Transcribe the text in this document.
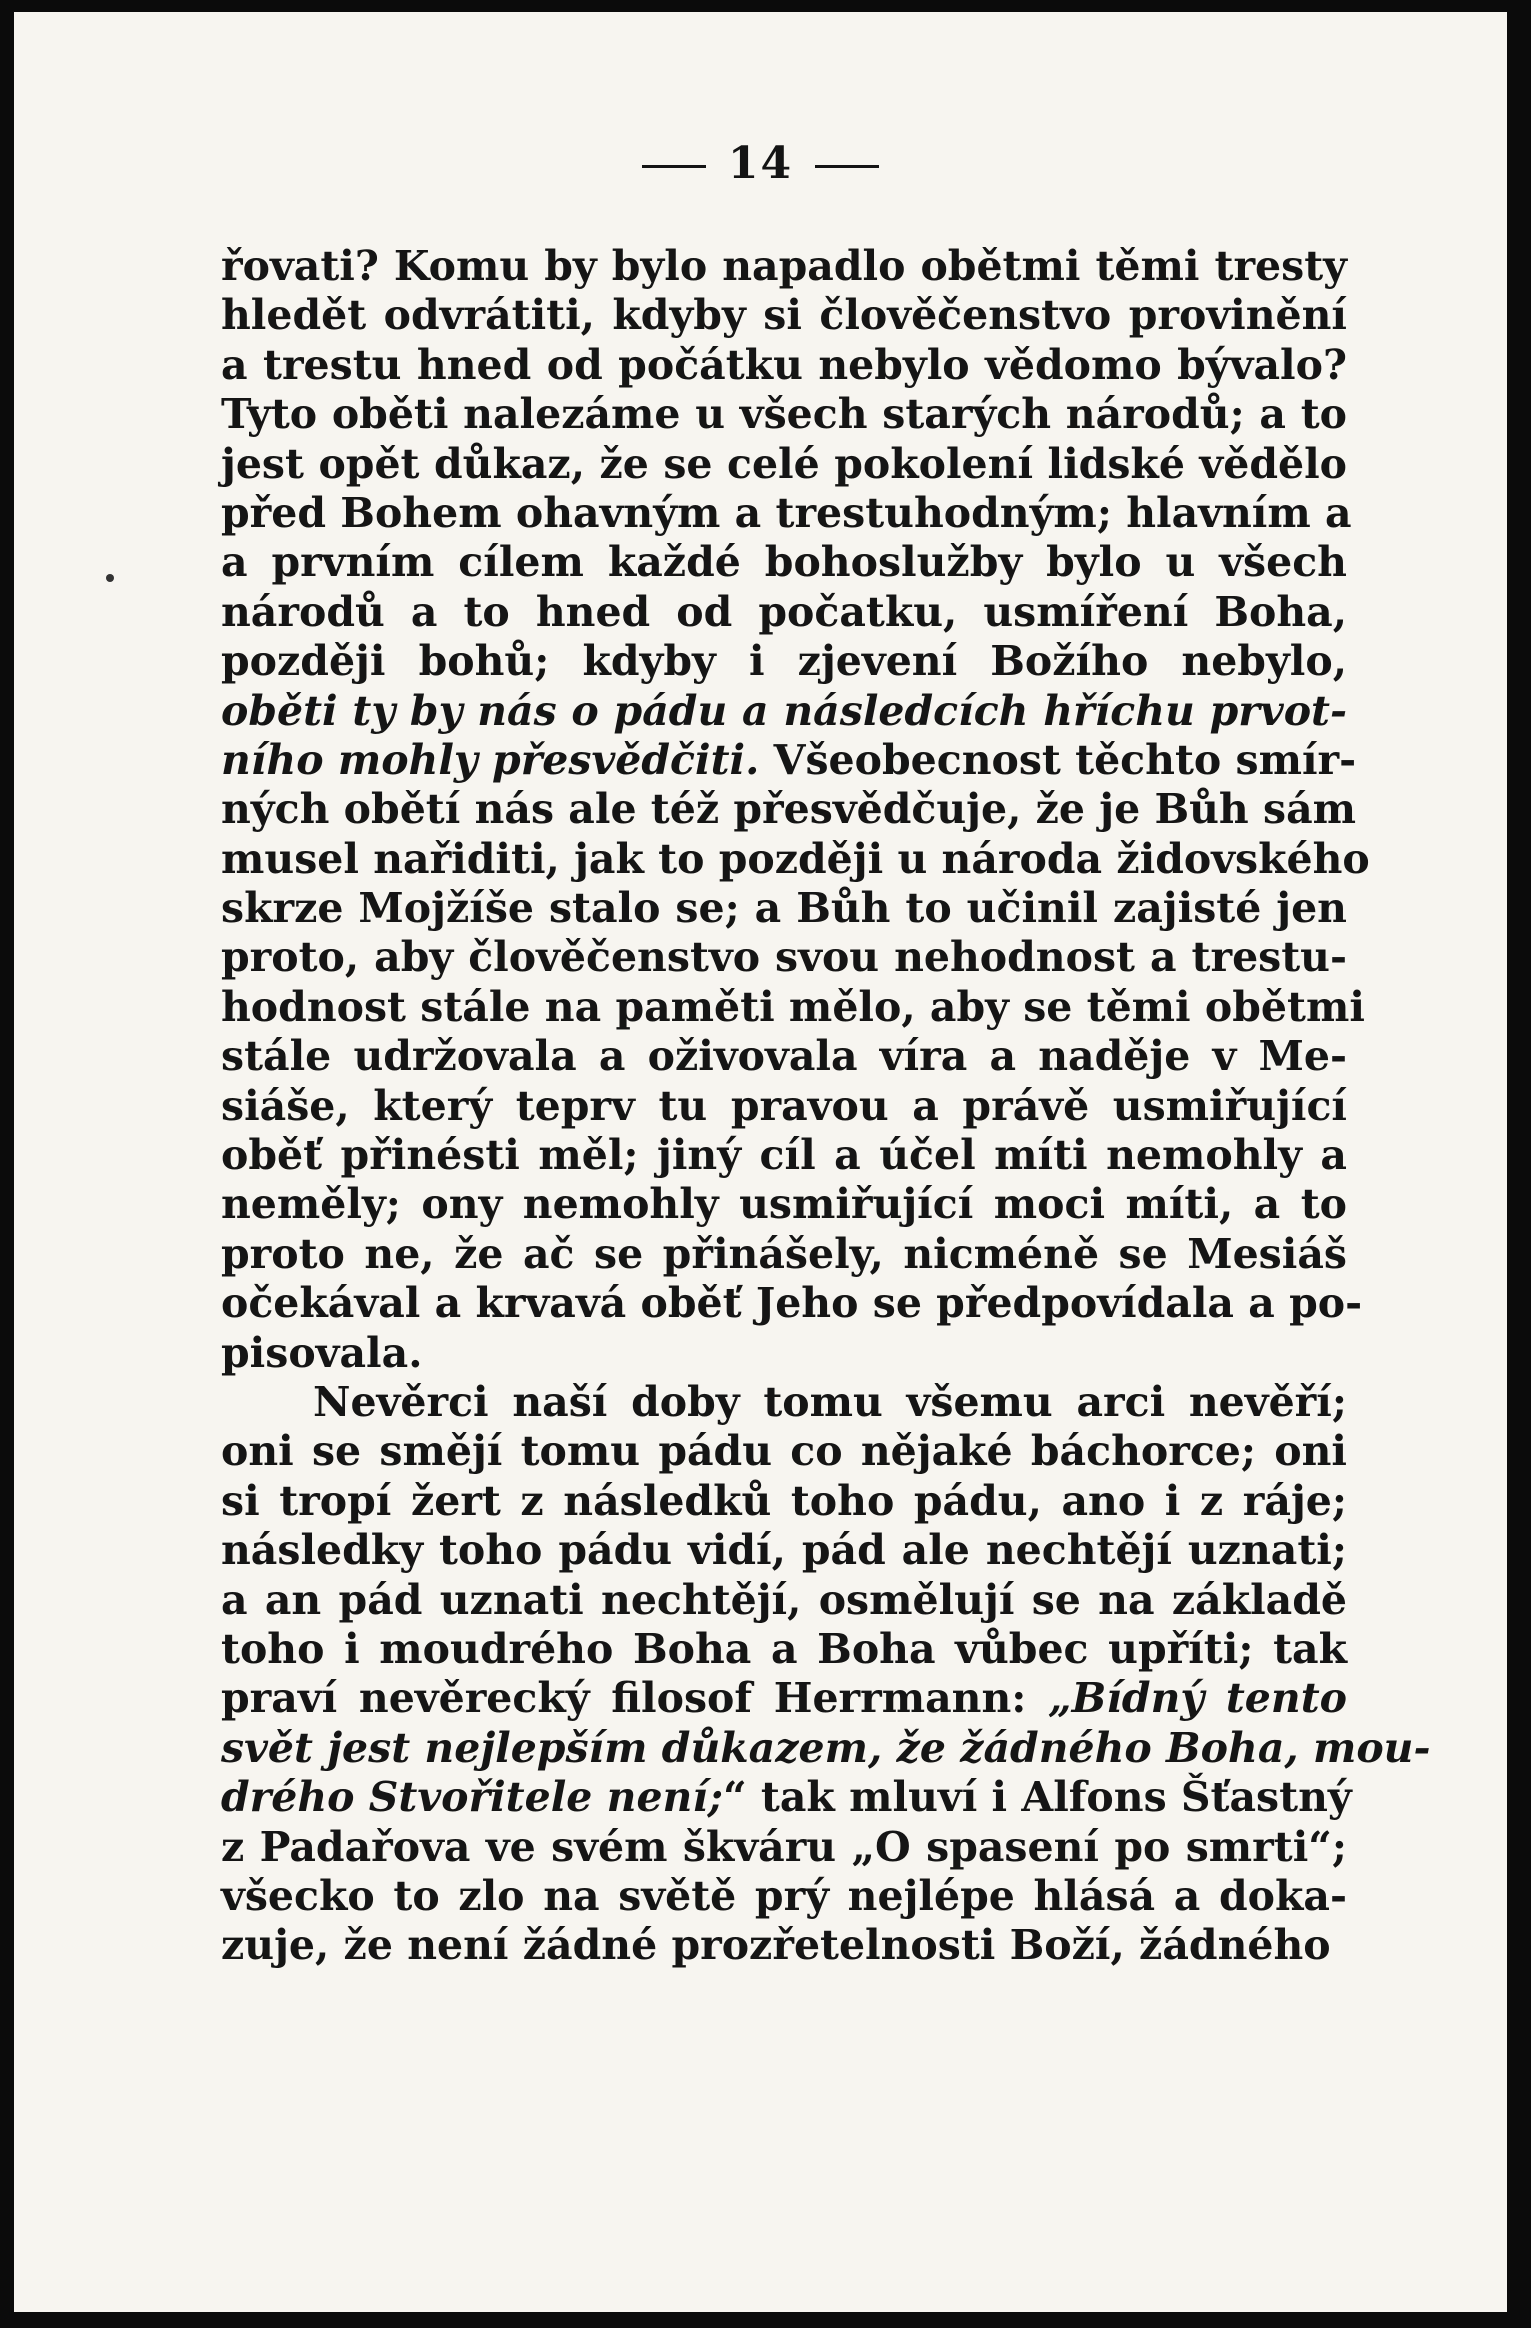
14
řovati? Komu by bylo napadlo obětmi těmi tresty
hledět odvrátiti, kdyby si člověčenstvo provinění
a trestu hned od počátku nebylo vědomo bývalo?
Tyto oběti nalezáme u všech starých národů; a to
jest opět důkaz, že se celé pokolení lidské vědělo
před Bohem ohavným a trestuhodným; hlavním a
a prvním cílem každé bohoslužby bylo u všech
národů a to hned od počatku, usmíření Boha,
později bohů; kdyby i zjevení Božího nebylo,
oběti ty by nás o pádu a následcích hříchu prvot-
ního mohly přesvědčiti. Všeobecnost těchto smír-
ných obětí nás ale též přesvědčuje, že je Bůh sám
musel nařiditi, jak to později u národa židovského
skrze Mojžíše stalo se; a Bůh to učinil zajisté jen
proto, aby člověčenstvo svou nehodnost a trestu-
hodnost stále na paměti mělo, aby se těmi obětmi
stále udržovala a oživovala víra a naděje v Me-
siáše, který teprv tu pravou a právě usmiřující
oběť přinésti měl; jiný cíl a účel míti nemohly a
neměly; ony nemohly usmiřující moci míti, a to
proto ne, že ač se přinášely, nicméně se Mesiáš
očekával a krvavá oběť Jeho se předpovídala a po-
pisovala.
Nevěrci naší doby tomu všemu arci nevěří;
oni se smějí tomu pádu co nějaké báchorce; oni
si tropí žert z následků toho pádu, ano i z ráje;
následky toho pádu vidí, pád ale nechtějí uznati;
a an pád uznati nechtějí, osmělují se na základě
toho i moudrého Boha a Boha vůbec upříti; tak
praví nevěrecký filosof Herrmann: „Bídný tento
svět jest nejlepším důkazem, že žádného Boha, mou-
drého Stvořitele není;“ tak mluví i Alfons Šťastný
z Padařova ve svém škváru „O spasení po smrti“;
všecko to zlo na světě prý nejlépe hlásá a doka-
zuje, že není žádné prozřetelnosti Boží, žádného
